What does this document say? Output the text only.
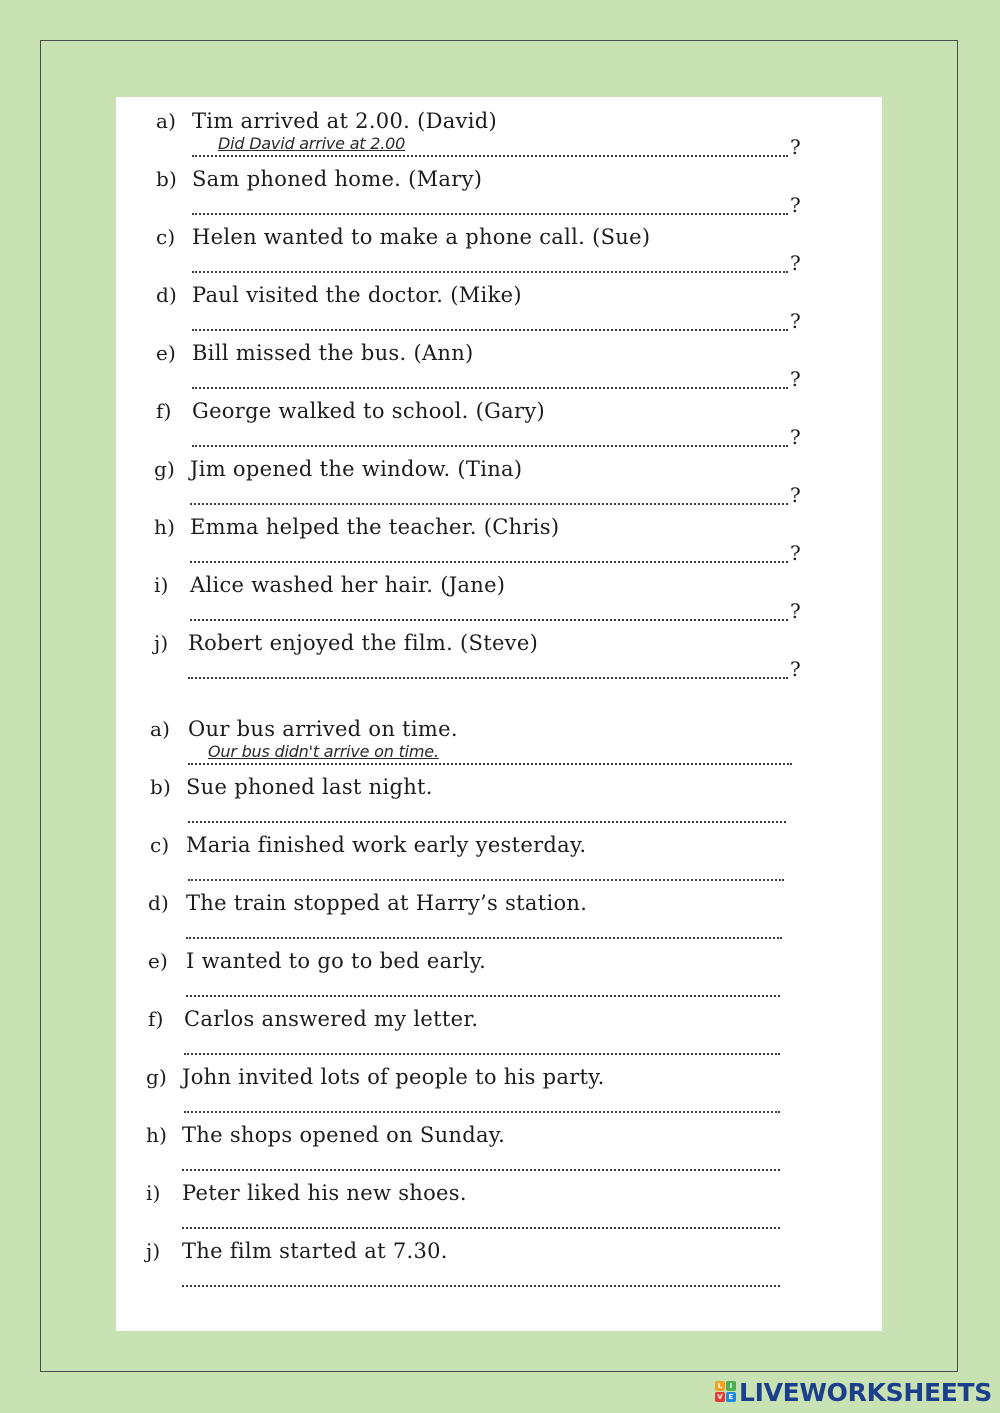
a) Tim arrived at 2.00. (David)
Did David arrive at 2.00	?
b) Sam phoned home. (Mary)
?
c) Helen wanted to make a phone call. (Sue)
?
d) Paul visited the doctor. (Mike)
?
e) Bill missed the bus. (Ann)
?
f) George walked to school. (Gary)
?
g) Jim opened the window. (Tina)
?
h) Emma helped the teacher. (Chris)
?
i)	Alice washed her hair. (Jane)
?
j) Robert enjoyed the film. (Steve)
?
a) Our bus arrived on time.
Our bus didn't arrive on time.
b) Sue phoned last night.
c) Maria finished work early yesterday.
d) The train stopped at Harry’s station.
e) I wanted to go to bed early.
f) Carlos answered my letter.
g) John invited lots of people to his party.
h) The shops opened on Sunday.
i)	Peter liked his new shoes.
j)	The film started at 7.30.
L	I
V E LIVEWORKSHEETS
